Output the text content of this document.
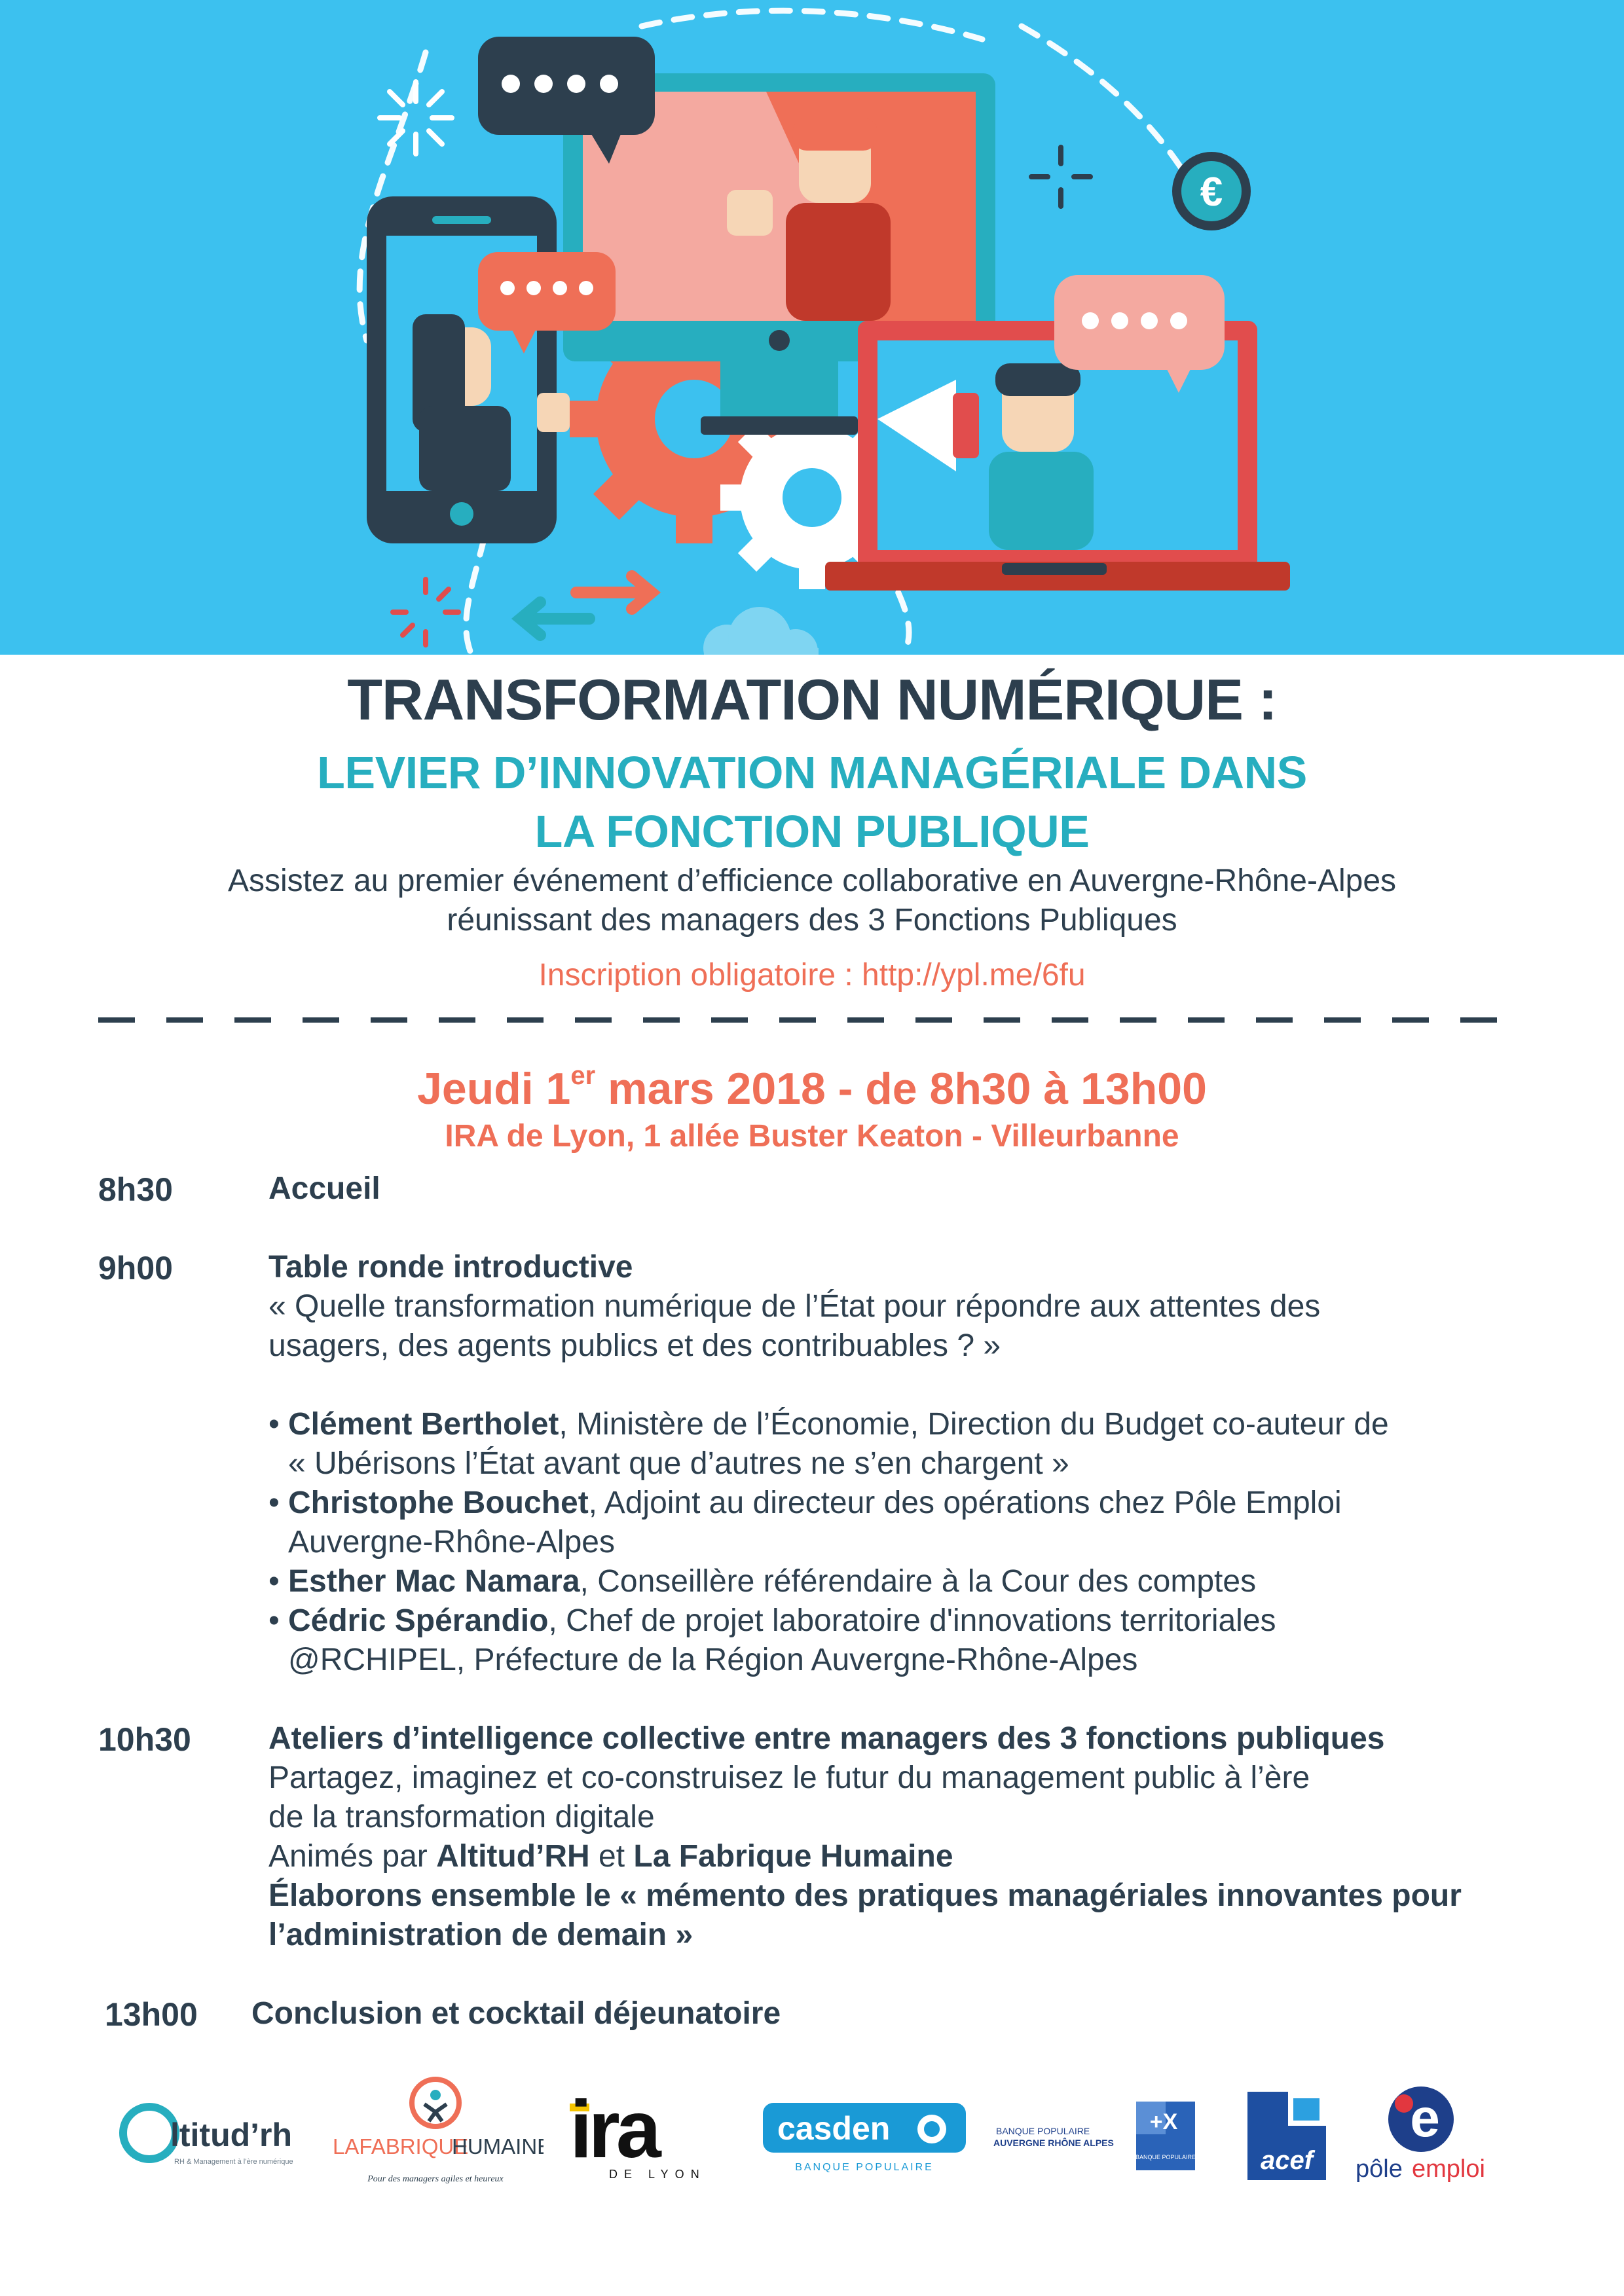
€
TRANSFORMATION NUMÉRIQUE :
LEVIER D’INNOVATION MANAGÉRIALE DANS
LA FONCTION PUBLIQUE
Assistez au premier événement d’efficience collaborative en Auvergne-Rhône-Alpes
réunissant des managers des 3 Fonctions Publiques
Inscription obligatoire : http://ypl.me/6fu
Jeudi 1er mars 2018 - de 8h30 à 13h00
IRA de Lyon, 1 allée Buster Keaton - Villeurbanne
8h30	Accueil
9h00	Table ronde introductive
« Quelle transformation numérique de l’État pour répondre aux attentes des
usagers, des agents publics et des contribuables ? »
• Clément Bertholet, Ministère de l’Économie, Direction du Budget co-auteur de
« Ubérisons l’État avant que d’autres ne s’en chargent »
• Christophe Bouchet, Adjoint au directeur des opérations chez Pôle Emploi
Auvergne-Rhône-Alpes
• Esther Mac Namara, Conseillère référendaire à la Cour des comptes
• Cédric Spérandio, Chef de projet laboratoire d'innovations territoriales
@RCHIPEL, Préfecture de la Région Auvergne-Rhône-Alpes
10h30 Ateliers d’intelligence collective entre managers des 3 fonctions publiques
Partagez, imaginez et co-construisez le futur du management public à l’ère
de la transformation digitale
Animés par Altitud’RH et La Fabrique Humaine
Élaborons ensemble le « mémento des pratiques managériales innovantes pour
l’administration de demain »
13h00 Conclusion et cocktail déjeunatoire
ltitud’rh
RH & Management à l’ère numérique
LAFABRIQUE
HUMAINE
Pour des managers agiles et heureux
ira
DE LYON
casden
BANQUE POPULAIRE
BANQUE POPULAIRE
AUVERGNE RHÔNE ALPES
+X
BANQUE POPULAIRE acef
e
pôle emploi
